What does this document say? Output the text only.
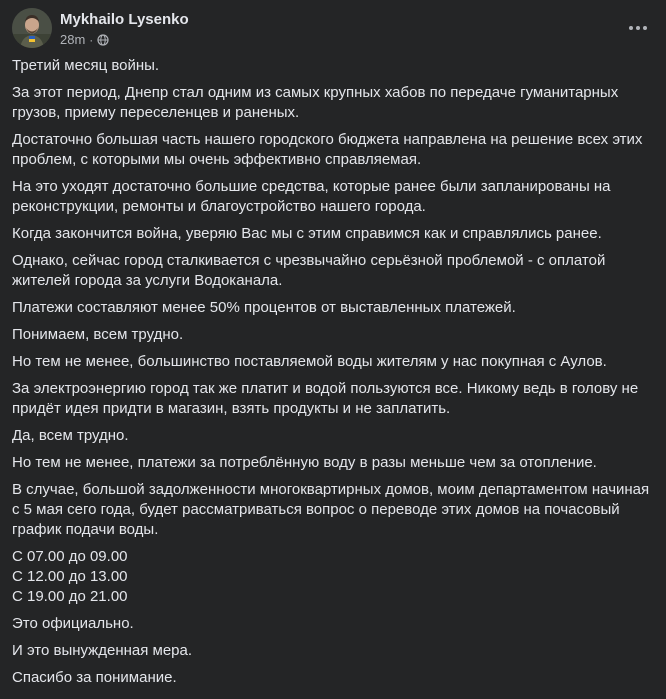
Mykhailo Lysenko
28m ·

Третий месяц войны.

За этот период, Днепр стал одним из самых крупных хабов по передаче гуманитарных грузов, приему переселенцев и раненых.

Достаточно большая часть нашего городского бюджета направлена на решение всех этих проблем, с которыми мы очень эффективно справляемая.

На это уходят достаточно большие средства, которые ранее были запланированы на реконструкции, ремонты и благоустройство нашего города.

Когда закончится война, уверяю Вас мы с этим справимся как и справлялись ранее.

Однако, сейчас город сталкивается с чрезвычайно серьёзной проблемой - с оплатой жителей города за услуги Водоканала.

Платежи составляют менее 50% процентов от выставленных платежей.

Понимаем, всем трудно.

Но тем не менее, большинство поставляемой воды жителям у нас покупная с Аулов.

За электроэнергию город так же платит и водой пользуются все. Никому ведь в голову не придёт идея придти в магазин, взять продукты и не заплатить.

Да, всем трудно.

Но тем не менее, платежи за потреблённую воду в разы меньше чем за отопление.

В случае, большой задолженности многоквартирных домов, моим департаментом начиная с 5 мая сего года, будет рассматриваться вопрос о переводе этих домов на почасовый график подачи воды.

С 07.00 до 09.00

С 12.00 до 13.00

С 19.00 до 21.00

Это официально.

И это вынужденная мера.

Спасибо за понимание.
